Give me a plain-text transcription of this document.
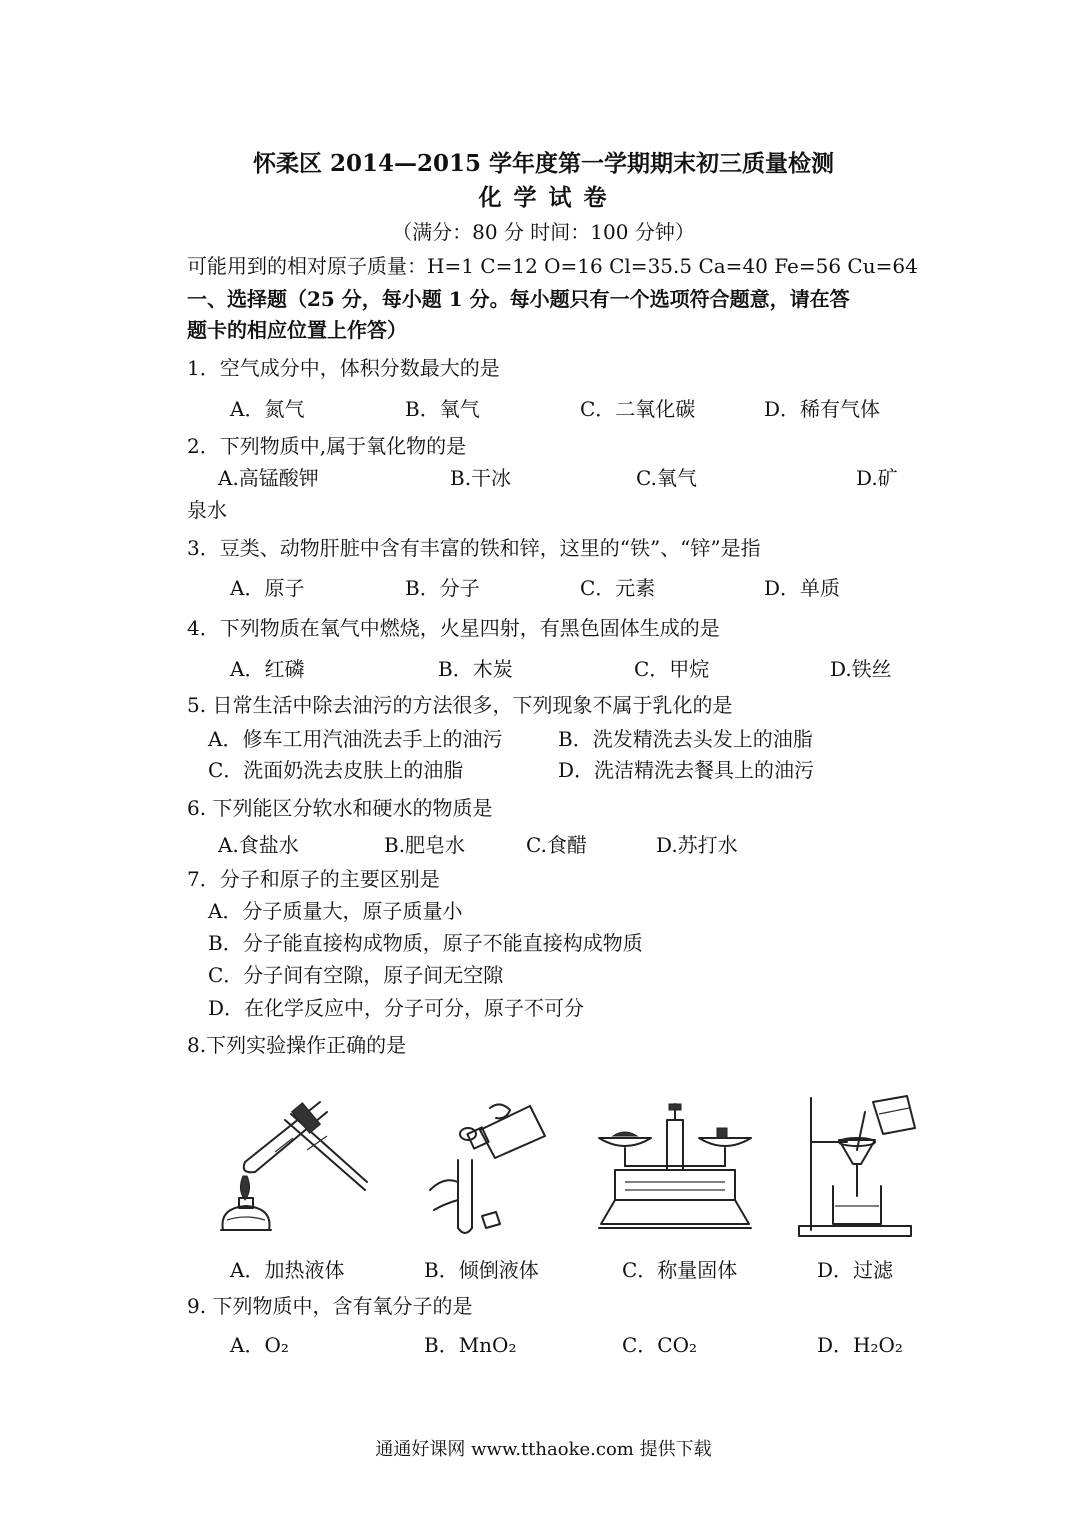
怀柔区 2014—2015 学年度第一学期期末初三质量检测
化 学 试 卷
（满分：80 分 时间：100 分钟）
可能用到的相对原子质量：H=1 C=12 O=16 Cl=35.5 Ca=40 Fe=56 Cu=64
一、选择题（25 分，每小题 1 分。每小题只有一个选项符合题意，请在答
题卡的相应位置上作答）
1．空气成分中，体积分数最大的是
A．氮气	B．氧气	C．二氧化碳	D．稀有气体
2．下列物质中,属于氧化物的是
A.高锰酸钾	B.干冰	C.氧气	D.矿
泉水
3．豆类、动物肝脏中含有丰富的铁和锌，这里的“铁”、“锌”是指
A．原子	B．分子	C．元素	D．单质
4．下列物质在氧气中燃烧，火星四射，有黑色固体生成的是
A．红磷	B．木炭	C．甲烷	D.铁丝
5. 日常生活中除去油污的方法很多，下列现象不属于乳化的是
A．修车工用汽油洗去手上的油污	B．洗发精洗去头发上的油脂
C．洗面奶洗去皮肤上的油脂	D．洗洁精洗去餐具上的油污
6. 下列能区分软水和硬水的物质是
A.食盐水	B.肥皂水	C.食醋	D.苏打水
7．分子和原子的主要区别是
A．分子质量大，原子质量小
B．分子能直接构成物质，原子不能直接构成物质
C．分子间有空隙，原子间无空隙
D．在化学反应中，分子可分，原子不可分
8.下列实验操作正确的是
A．加热液体	B．倾倒液体	C．称量固体	D．过滤
9. 下列物质中，含有氧分子的是
A．O₂	B．MnO₂	C．CO₂	D．H₂O₂
通通好课网 www.tthaoke.com 提供下载
